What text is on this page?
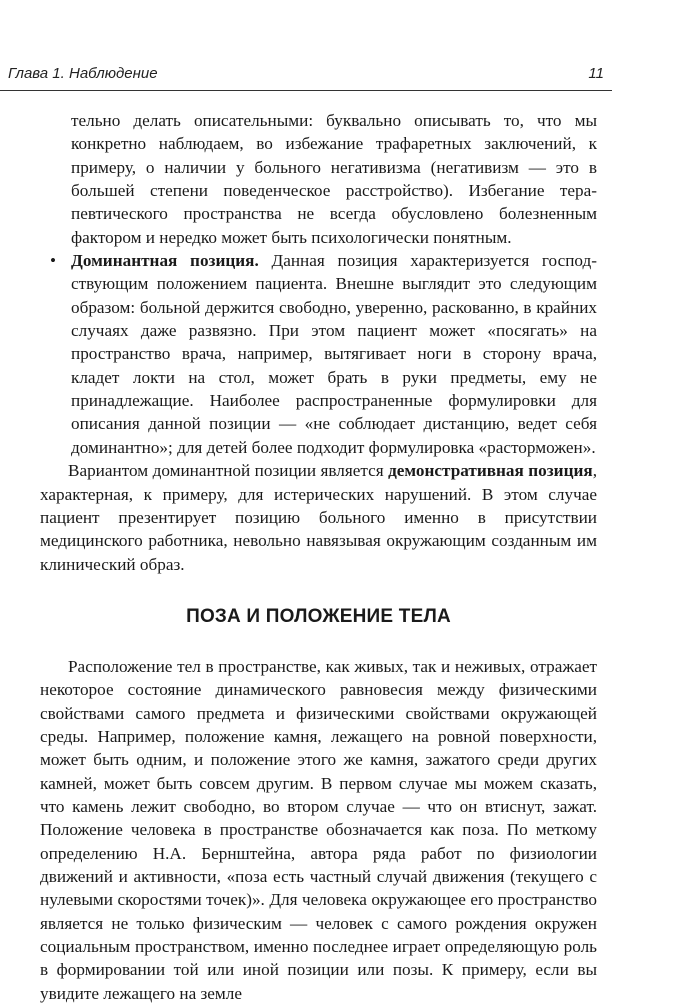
Глава 1. Наблюдение	11

тельно делать описательными: буквально описывать то, что мы конкретно наблюдаем, во избежание трафаретных заключений, к примеру, о наличии у больного негативизма (негативизм — это в большей степени поведенческое расстройство). Избегание терапевтического пространства не всегда обусловлено болезненным фактором и нередко может быть психологически понятным.

• Доминантная позиция. Данная позиция характеризуется господствующим положением пациента. Внешне выглядит это следующим образом: больной держится свободно, уверенно, раскованно, в крайних случаях даже развязно. При этом пациент может «посягать» на пространство врача, например, вытягивает ноги в сторону врача, кладет локти на стол, может брать в руки предметы, ему не принадлежащие. Наиболее распространенные формулировки для описания данной позиции — «не соблюдает дистанцию, ведет себя доминантно»; для детей более подходит формулировка «расторможен».

Вариантом доминантной позиции является демонстративная позиция, характерная, к примеру, для истерических нарушений. В этом случае пациент презентирует позицию больного именно в присутствии медицинского работника, невольно навязывая окружающим созданным им клинический образ.

ПОЗА И ПОЛОЖЕНИЕ ТЕЛА

Расположение тел в пространстве, как живых, так и неживых, отражает некоторое состояние динамического равновесия между физическими свойствами самого предмета и физическими свойствами окружающей среды. Например, положение камня, лежащего на ровной поверхности, может быть одним, и положение этого же камня, зажатого среди других камней, может быть совсем другим. В первом случае мы можем сказать, что камень лежит свободно, во втором случае — что он втиснут, зажат. Положение человека в пространстве обозначается как поза. По меткому определению Н.А. Бернштейна, автора ряда работ по физиологии движений и активности, «поза есть частный случай движения (текущего с нулевыми скоростями точек)». Для человека окружающее его пространство является не только физическим — человек с самого рождения окружен социальным пространством, именно последнее играет определяющую роль в формировании той или иной позиции или позы. К примеру, если вы увидите лежащего на земле
